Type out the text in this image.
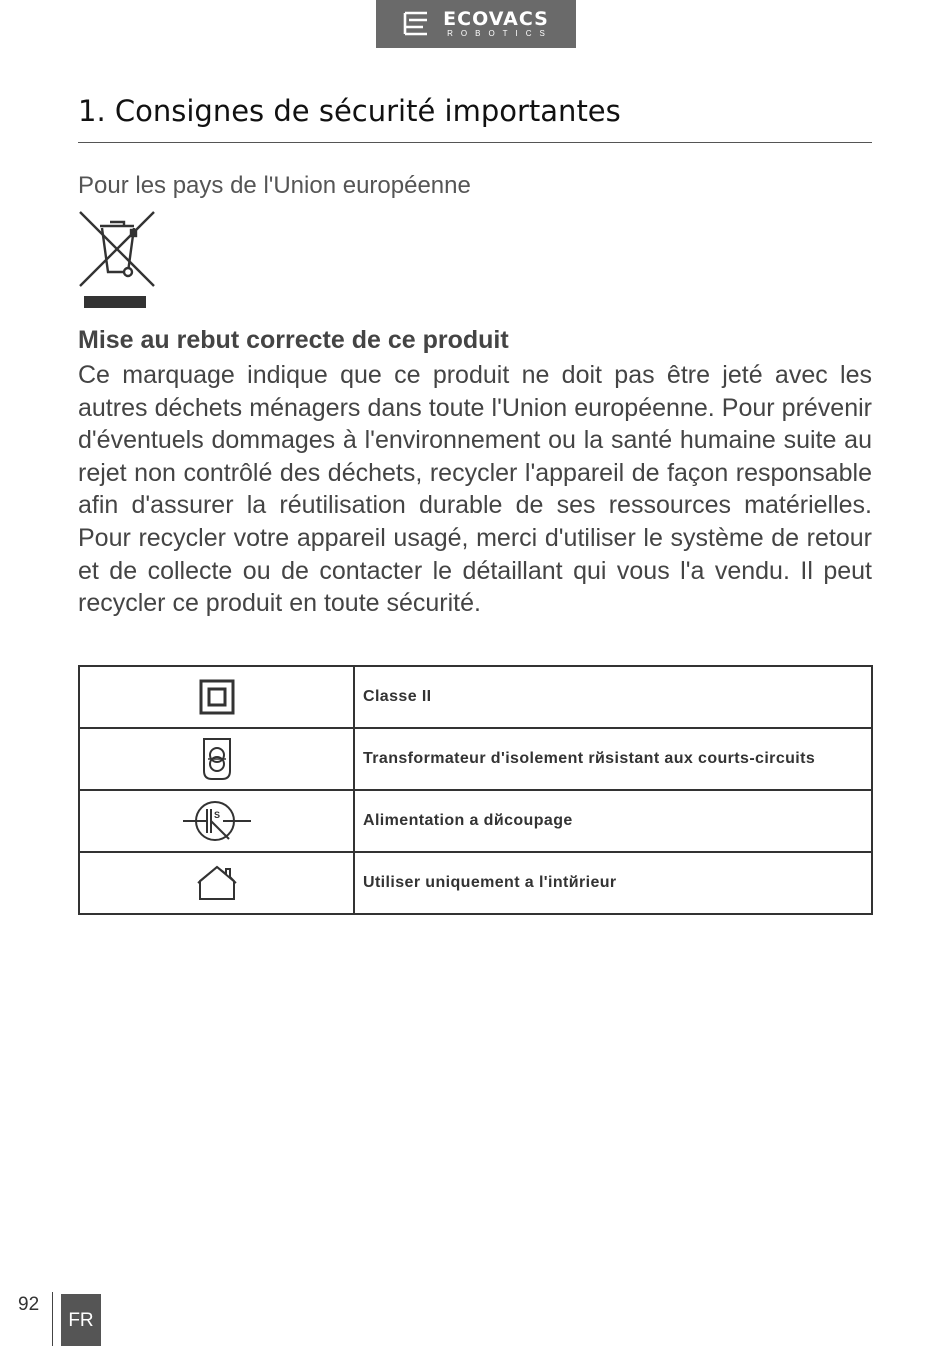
ECOVACS
ROBOTICS
1. Consignes de sécurité importantes
Pour les pays de l'Union européenne
Mise au rebut correcte de ce produit

Ce marquage indique que ce produit ne doit pas être jeté avec les autres déchets ménagers dans toute l'Union européenne. Pour prévenir d'éventuels dommages à l'environnement ou la santé humaine suite au rejet non contrôlé des déchets, recycler l'appareil de façon responsable afin d'assurer la réutilisation durable de ses ressources matérielles. Pour recycler votre appareil usagé, merci d'utiliser le système de retour et de collecte ou de contacter le détaillant qui vous l'a vendu. Il peut recycler ce produit en toute sécurité.

	Classe II

	Transformateur d'isolement rйsistant aux courts-circuits

S	Alimentation a dйcoupage

	Utiliser uniquement a l'intйrieur
92
FR
